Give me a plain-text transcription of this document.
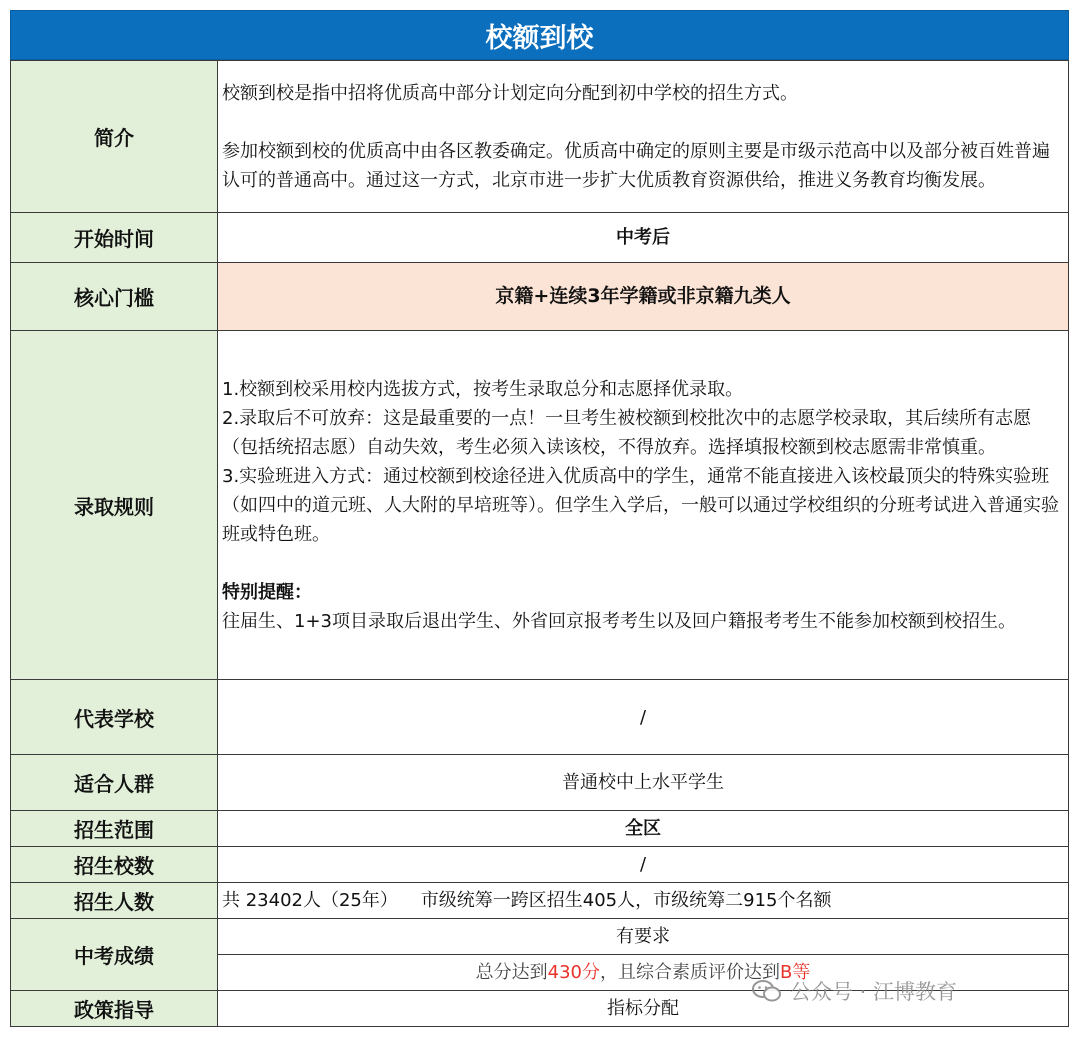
校额到校
简介	校额到校是指中招将优质高中部分计划定向分配到初中学校的招生方式。
参加校额到校的优质高中由各区教委确定。优质高中确定的原则主要是市级示范高中以及部分被百姓普遍认可的普通高中。通过这一方式，北京市进一步扩大优质教育资源供给，推进义务教育均衡发展。

开始时间	中考后
核心门槛	京籍+连续3年学籍或非京籍九类人
录取规则	1.校额到校采用校内选拔方式，按考生录取总分和志愿择优录取。
2.录取后不可放弃：这是最重要的一点！一旦考生被校额到校批次中的志愿学校录取，其后续所有志愿（包括统招志愿）自动失效，考生必须入读该校，不得放弃。选择填报校额到校志愿需非常慎重。
3.实验班进入方式：通过校额到校途径进入优质高中的学生，通常不能直接进入该校最顶尖的特殊实验班（如四中的道元班、人大附的早培班等）。但学生入学后，一般可以通过学校组织的分班考试进入普通实验班或特色班。
特别提醒：
往届生、1+3项目录取后退出学生、外省回京报考考生以及回户籍报考考生不能参加校额到校招生。

代表学校	/
适合人群	普通校中上水平学生
招生范围	全区
招生校数	/
招生人数	共 23402人（25年）    市级统筹一跨区招生405人，市级统筹二915个名额
中考成绩	有要求
	总分达到430分，且综合素质评价达到B等
政策指导	指标分配
公众号 · 江博教育
